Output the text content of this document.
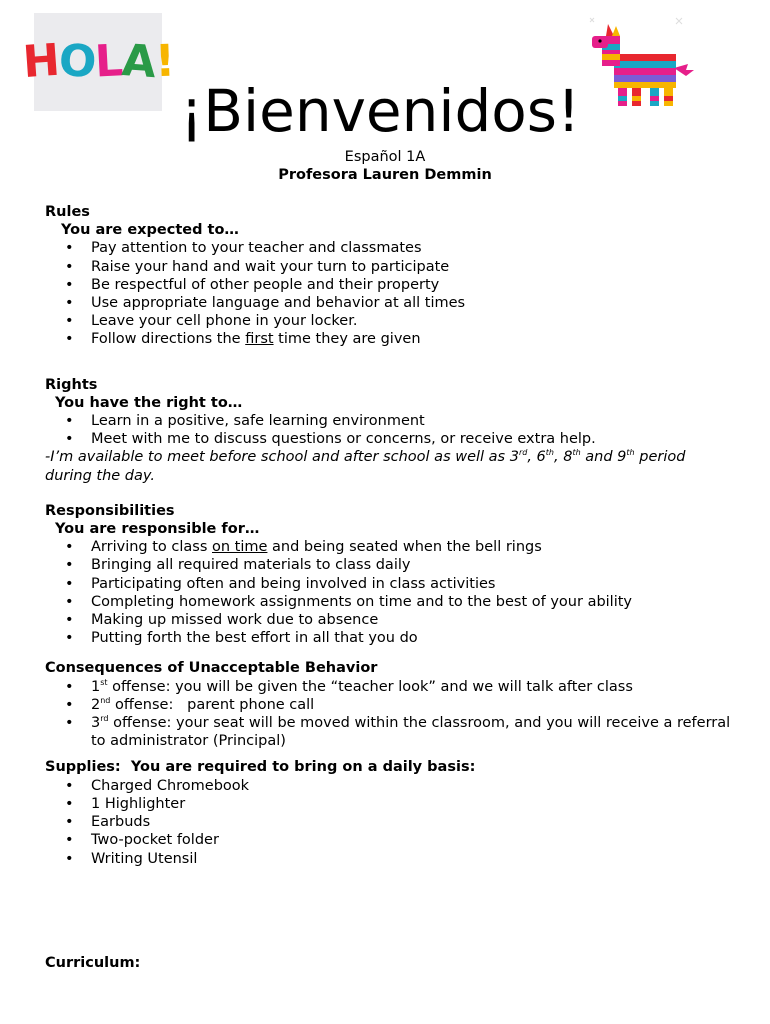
H
O
L
A
!
¡Bienvenidos!
Español 1A
Profesora Lauren Demmin
Rules
You are expected to…
• Pay attention to your teacher and classmates
• Raise your hand and wait your turn to participate
• Be respectful of other people and their property
• Use appropriate language and behavior at all times
• Leave your cell phone in your locker.
• Follow directions the first time they are given
Rights
You have the right to…
• Learn in a positive, safe learning environment
• Meet with me to discuss questions or concerns, or receive extra help.
-I’m available to meet before school and after school as well as 3rd, 6th, 8th and 9th period during the day.
Responsibilities
You are responsible for…
• Arriving to class on time and being seated when the bell rings
• Bringing all required materials to class daily
• Participating often and being involved in class activities
• Completing homework assignments on time and to the best of your ability
• Making up missed work due to absence
• Putting forth the best effort in all that you do
Consequences of Unacceptable Behavior
• 1st offense: you will be given the “teacher look” and we will talk after class
• 2nd offense:   parent phone call
• 3rd offense: your seat will be moved within the classroom, and you will receive a referral to administrator (Principal)
Supplies:  You are required to bring on a daily basis:
• Charged Chromebook
• 1 Highlighter
• Earbuds
• Two-pocket folder
• Writing Utensil
Curriculum:
